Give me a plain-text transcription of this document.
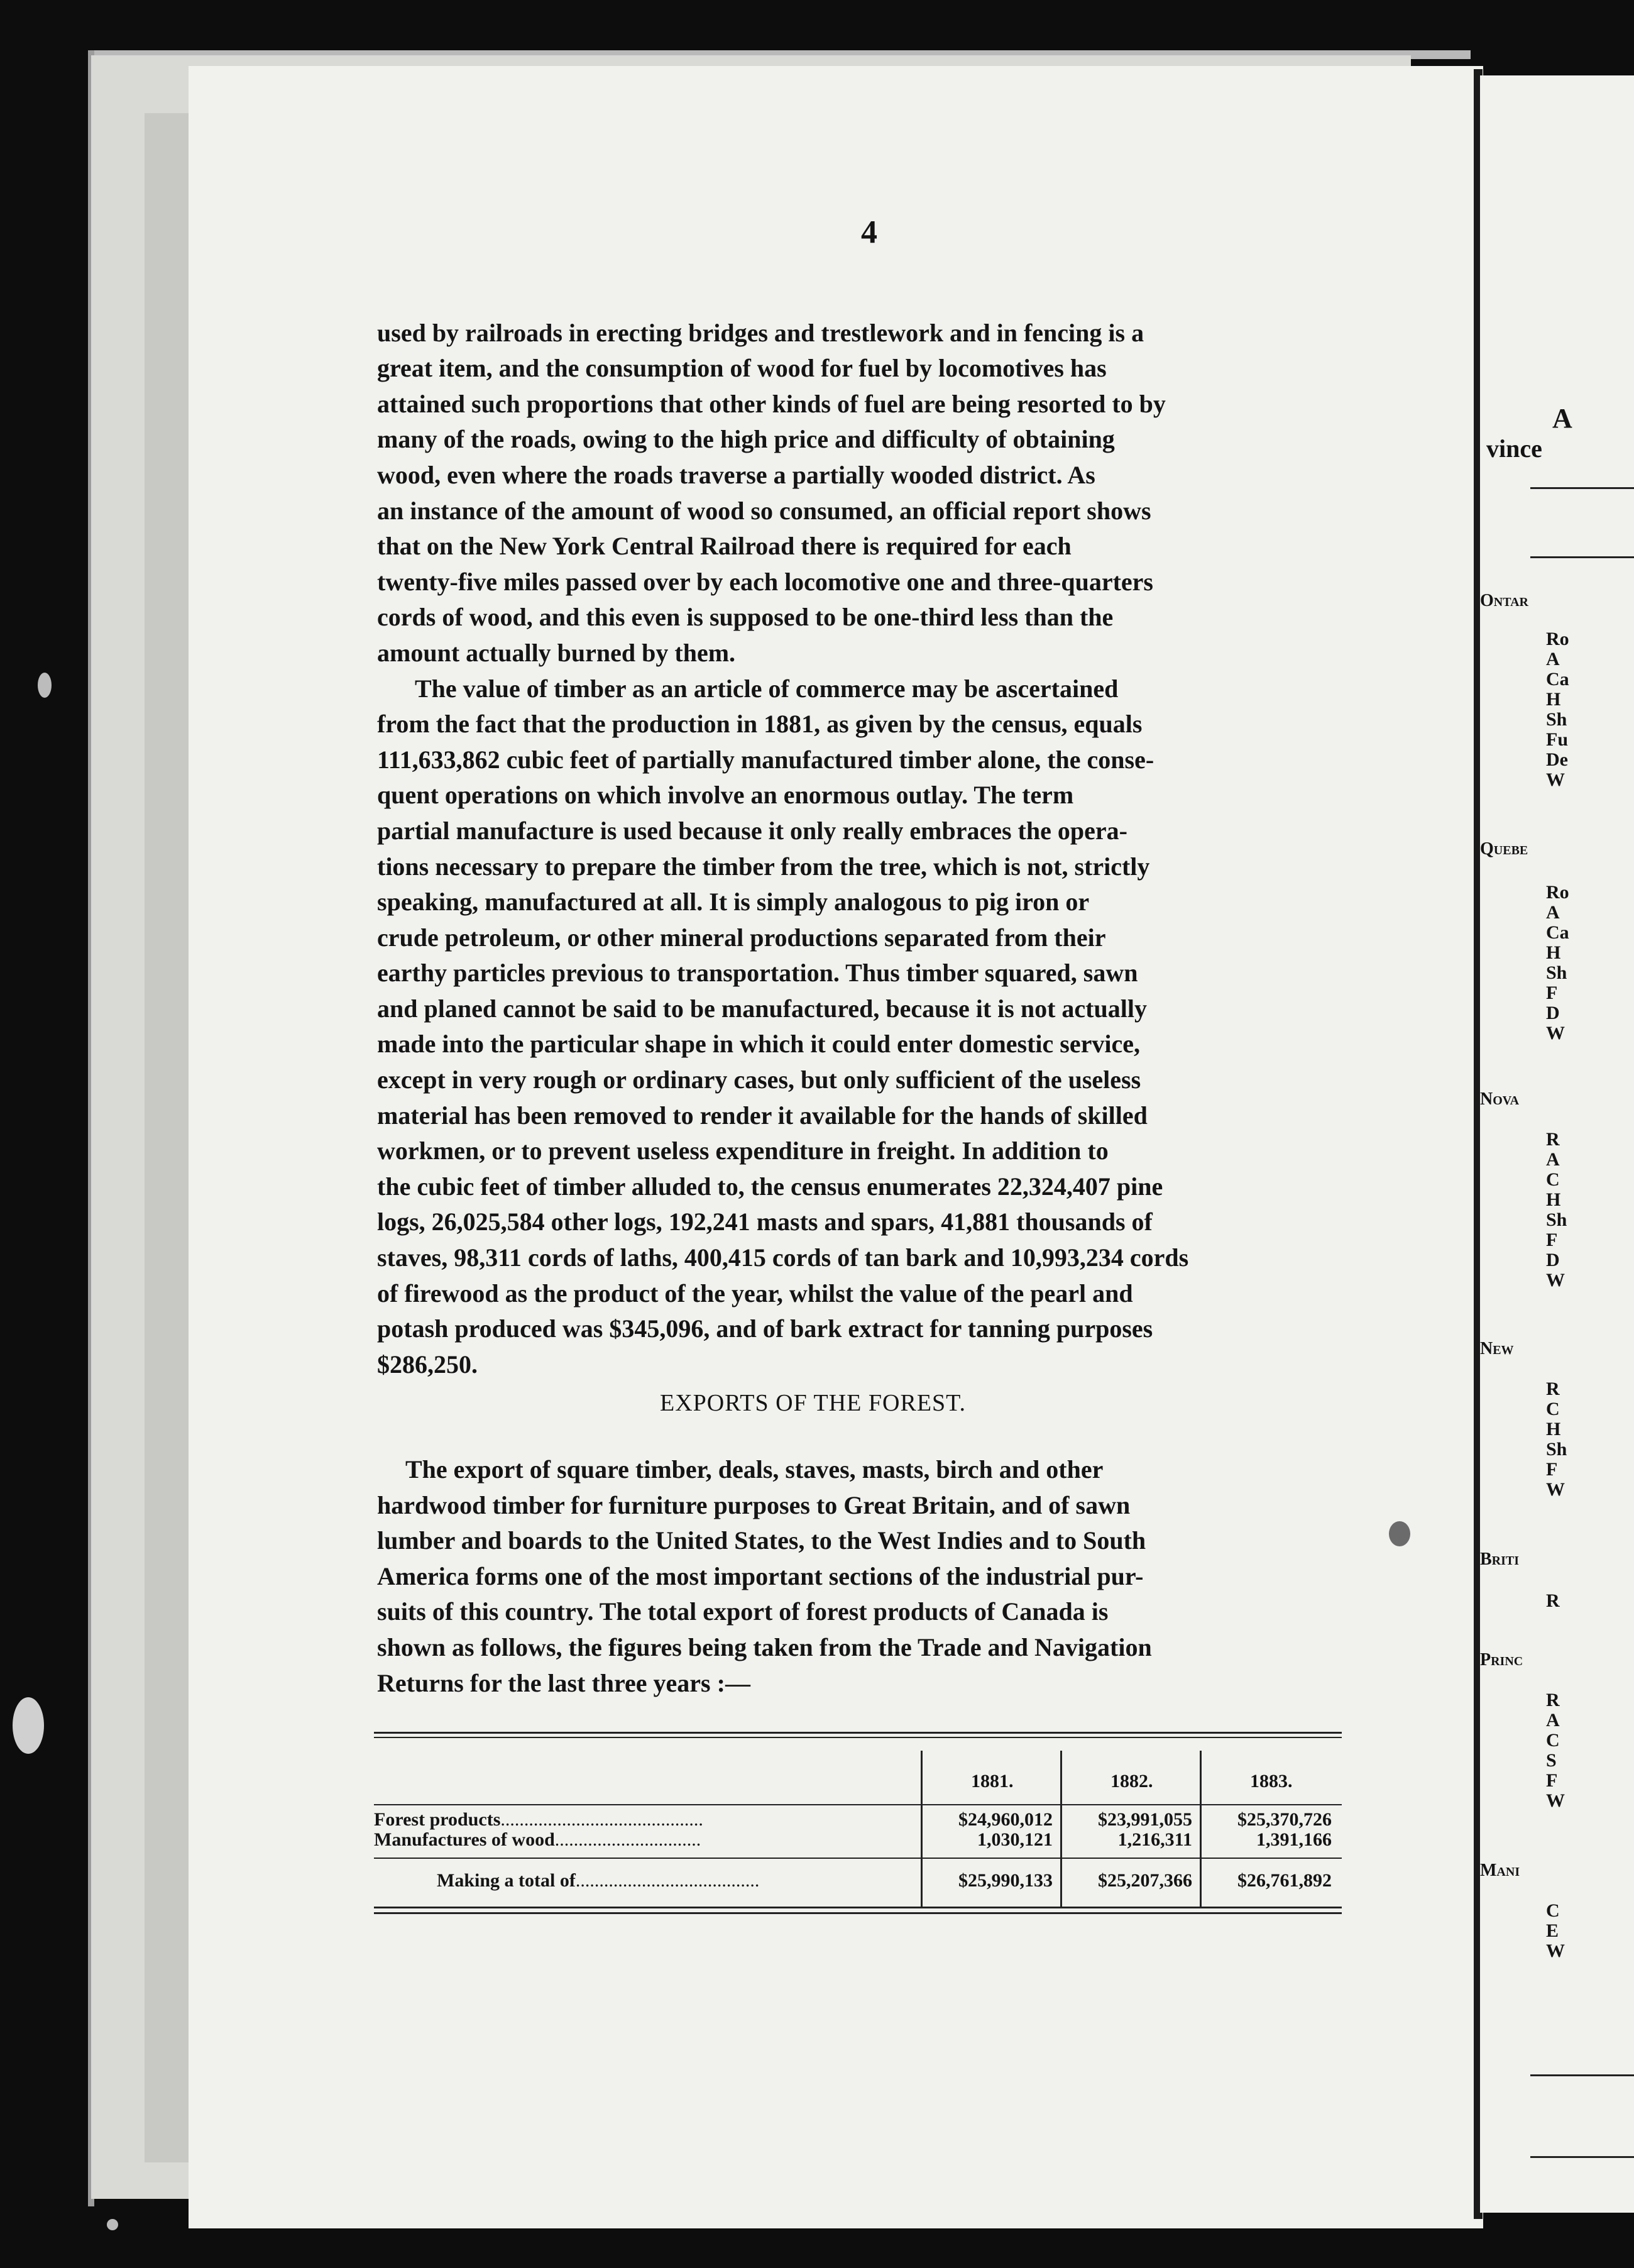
A
vince
Ontar
Ro
A
Ca
H
Sh
Fu
De
W
Quebe
Ro
A
Ca
H
Sh
F
D
W
Nova
R
A
C
H
Sh
F
D
W
New
R
C
H
Sh
F
W
Briti
R
Princ
R
A
C
S
F
W
Mani
C
E
W
4

used by railroads in erecting bridges and trestlework and in fencing is a
great item, and the consumption of wood for fuel by locomotives has
attained such proportions that other kinds of fuel are being resorted to by
many of the roads, owing to the high price and difficulty of obtaining
wood, even where the roads traverse a partially wooded district. As
an instance of the amount of wood so consumed, an official report shows
that on the New York Central Railroad there is required for each
twenty-five miles passed over by each locomotive one and three-quarters
cords of wood, and this even is supposed to be one-third less than the
amount actually burned by them.

The value of timber as an article of commerce may be ascertained
from the fact that the production in 1881, as given by the census, equals
111,633,862 cubic feet of partially manufactured timber alone, the conse-
quent operations on which involve an enormous outlay. The term
partial manufacture is used because it only really embraces the opera-
tions necessary to prepare the timber from the tree, which is not, strictly
speaking, manufactured at all. It is simply analogous to pig iron or
crude petroleum, or other mineral productions separated from their
earthy particles previous to transportation. Thus timber squared, sawn
and planed cannot be said to be manufactured, because it is not actually
made into the particular shape in which it could enter domestic service,
except in very rough or ordinary cases, but only sufficient of the useless
material has been removed to render it available for the hands of skilled
workmen, or to prevent useless expenditure in freight. In addition to
the cubic feet of timber alluded to, the census enumerates 22,324,407 pine
logs, 26,025,584 other logs, 192,241 masts and spars, 41,881 thousands of
staves, 98,311 cords of laths, 400,415 cords of tan bark and 10,993,234 cords
of firewood as the product of the year, whilst the value of the pearl and
potash produced was $345,096, and of bark extract for tanning purposes
$286,250.

EXPORTS OF THE FOREST.
The export of square timber, deals, staves, masts, birch and other
hardwood timber for furniture purposes to Great Britain, and of sawn
lumber and boards to the United States, to the West Indies and to South
America forms one of the most important sections of the industrial pur-
suits of this country. The total export of forest products of Canada is
shown as follows, the figures being taken from the Trade and Navigation
Returns for the last three years :—
1881.	1882.	1883.
Forest products...........................................	$24,960,012	$23,991,055	$25,370,726
Manufactures of wood...............................	1,030,121	1,216,311	1,391,166
Making a total of.......................................	$25,990,133	$25,207,366	$26,761,892
